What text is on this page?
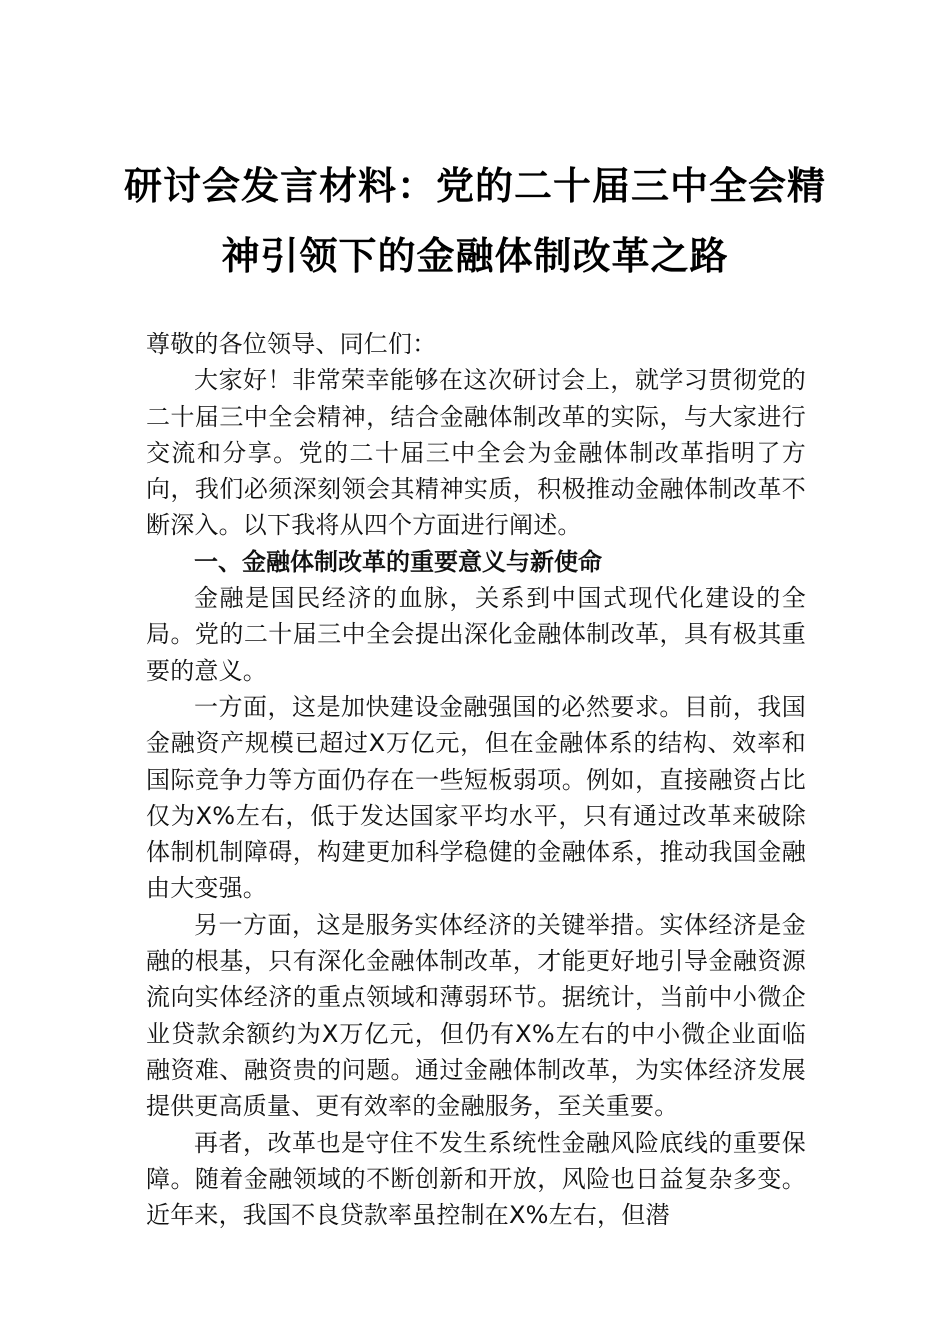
研讨会发言材料：党的二十届三中全会精
神引领下的金融体制改革之路

尊敬的各位领导、同仁们：

大家好！非常荣幸能够在这次研讨会上，就学习贯彻党的二十届三中全会精神，结合金融体制改革的实际，与大家进行交流和分享。党的二十届三中全会为金融体制改革指明了方向，我们必须深刻领会其精神实质，积极推动金融体制改革不断深入。以下我将从四个方面进行阐述。

一、金融体制改革的重要意义与新使命

金融是国民经济的血脉，关系到中国式现代化建设的全局。党的二十届三中全会提出深化金融体制改革，具有极其重要的意义。

一方面，这是加快建设金融强国的必然要求。目前，我国金融资产规模已超过X万亿元，但在金融体系的结构、效率和国际竞争力等方面仍存在一些短板弱项。例如，直接融资占比仅为X%左右，低于发达国家平均水平，只有通过改革来破除体制机制障碍，构建更加科学稳健的金融体系，推动我国金融由大变强。

另一方面，这是服务实体经济的关键举措。实体经济是金融的根基，只有深化金融体制改革，才能更好地引导金融资源流向实体经济的重点领域和薄弱环节。据统计，当前中小微企业贷款余额约为X万亿元，但仍有X%左右的中小微企业面临融资难、融资贵的问题。通过金融体制改革，为实体经济发展提供更高质量、更有效率的金融服务，至关重要。

再者，改革也是守住不发生系统性金融风险底线的重要保障。随着金融领域的不断创新和开放，风险也日益复杂多变。近年来，我国不良贷款率虽控制在X%左右，但潜
